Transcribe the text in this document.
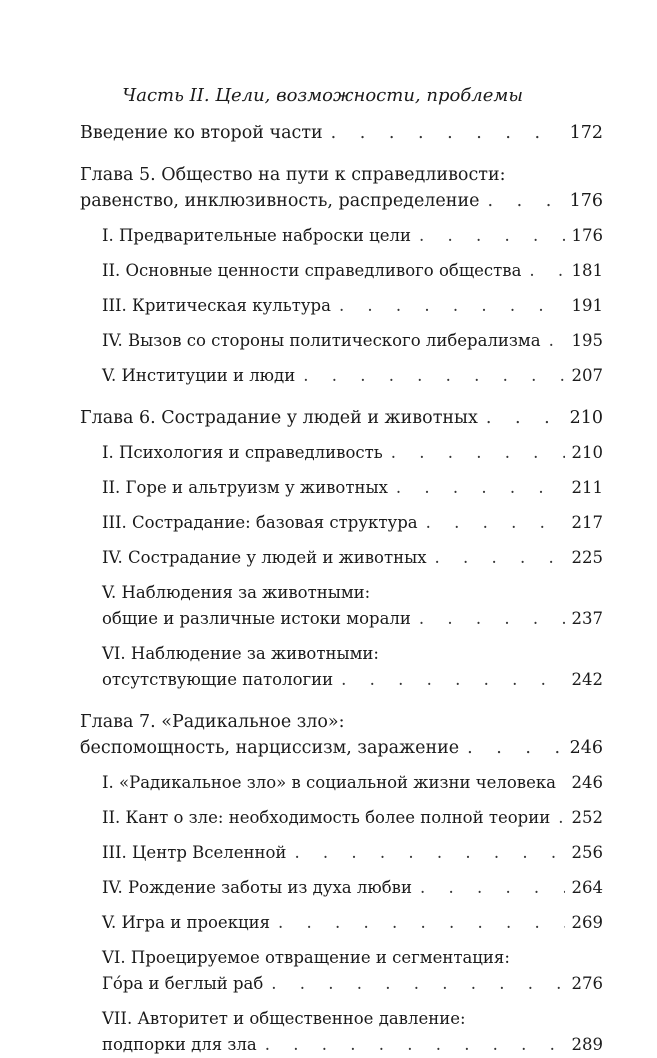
Часть II. Цели, возможности, проблемы
Введение ко второй части . . .	172
Глава 5. Общество на пути к справедливости:
равенство, инклюзивность, распределение . . .	176
I. Предварительные наброски цели . . .	176
II. Основные ценности справедливого общества . . .	181
III. Критическая культура . . .	191
IV. Вызов со стороны политического либерализма . . . 195
V. Институции и люди . . .	207
Глава 6. Сострадание у людей и животных . . .	210
I. Психология и справедливость . . .	210
II. Горе и альтруизм у животных . . .	211
III. Сострадание: базовая структура . . .	217
IV. Сострадание у людей и животных . . .	225
V. Наблюдения за животными:
общие и различные истоки морали . . .	237
VI. Наблюдение за животными:
отсутствующие патологии . . .	242
Глава 7. «Радикальное зло»:
беспомощность, нарциссизм, заражение . . .	246
I. «Радикальное зло» в социальной жизни человека . . . 246
II. Кант о зле: необходимость более полной теории . . . 252
III. Центр Вселенной . . .	256
IV. Рождение заботы из духа любви . . .	264
V. Игра и проекция . . .	269
VI. Проецируемое отвращение и сегментация:
Го́ра и беглый раб . . .	276
VII. Авторитет и общественное давление:
подпорки для зла . . .	289
